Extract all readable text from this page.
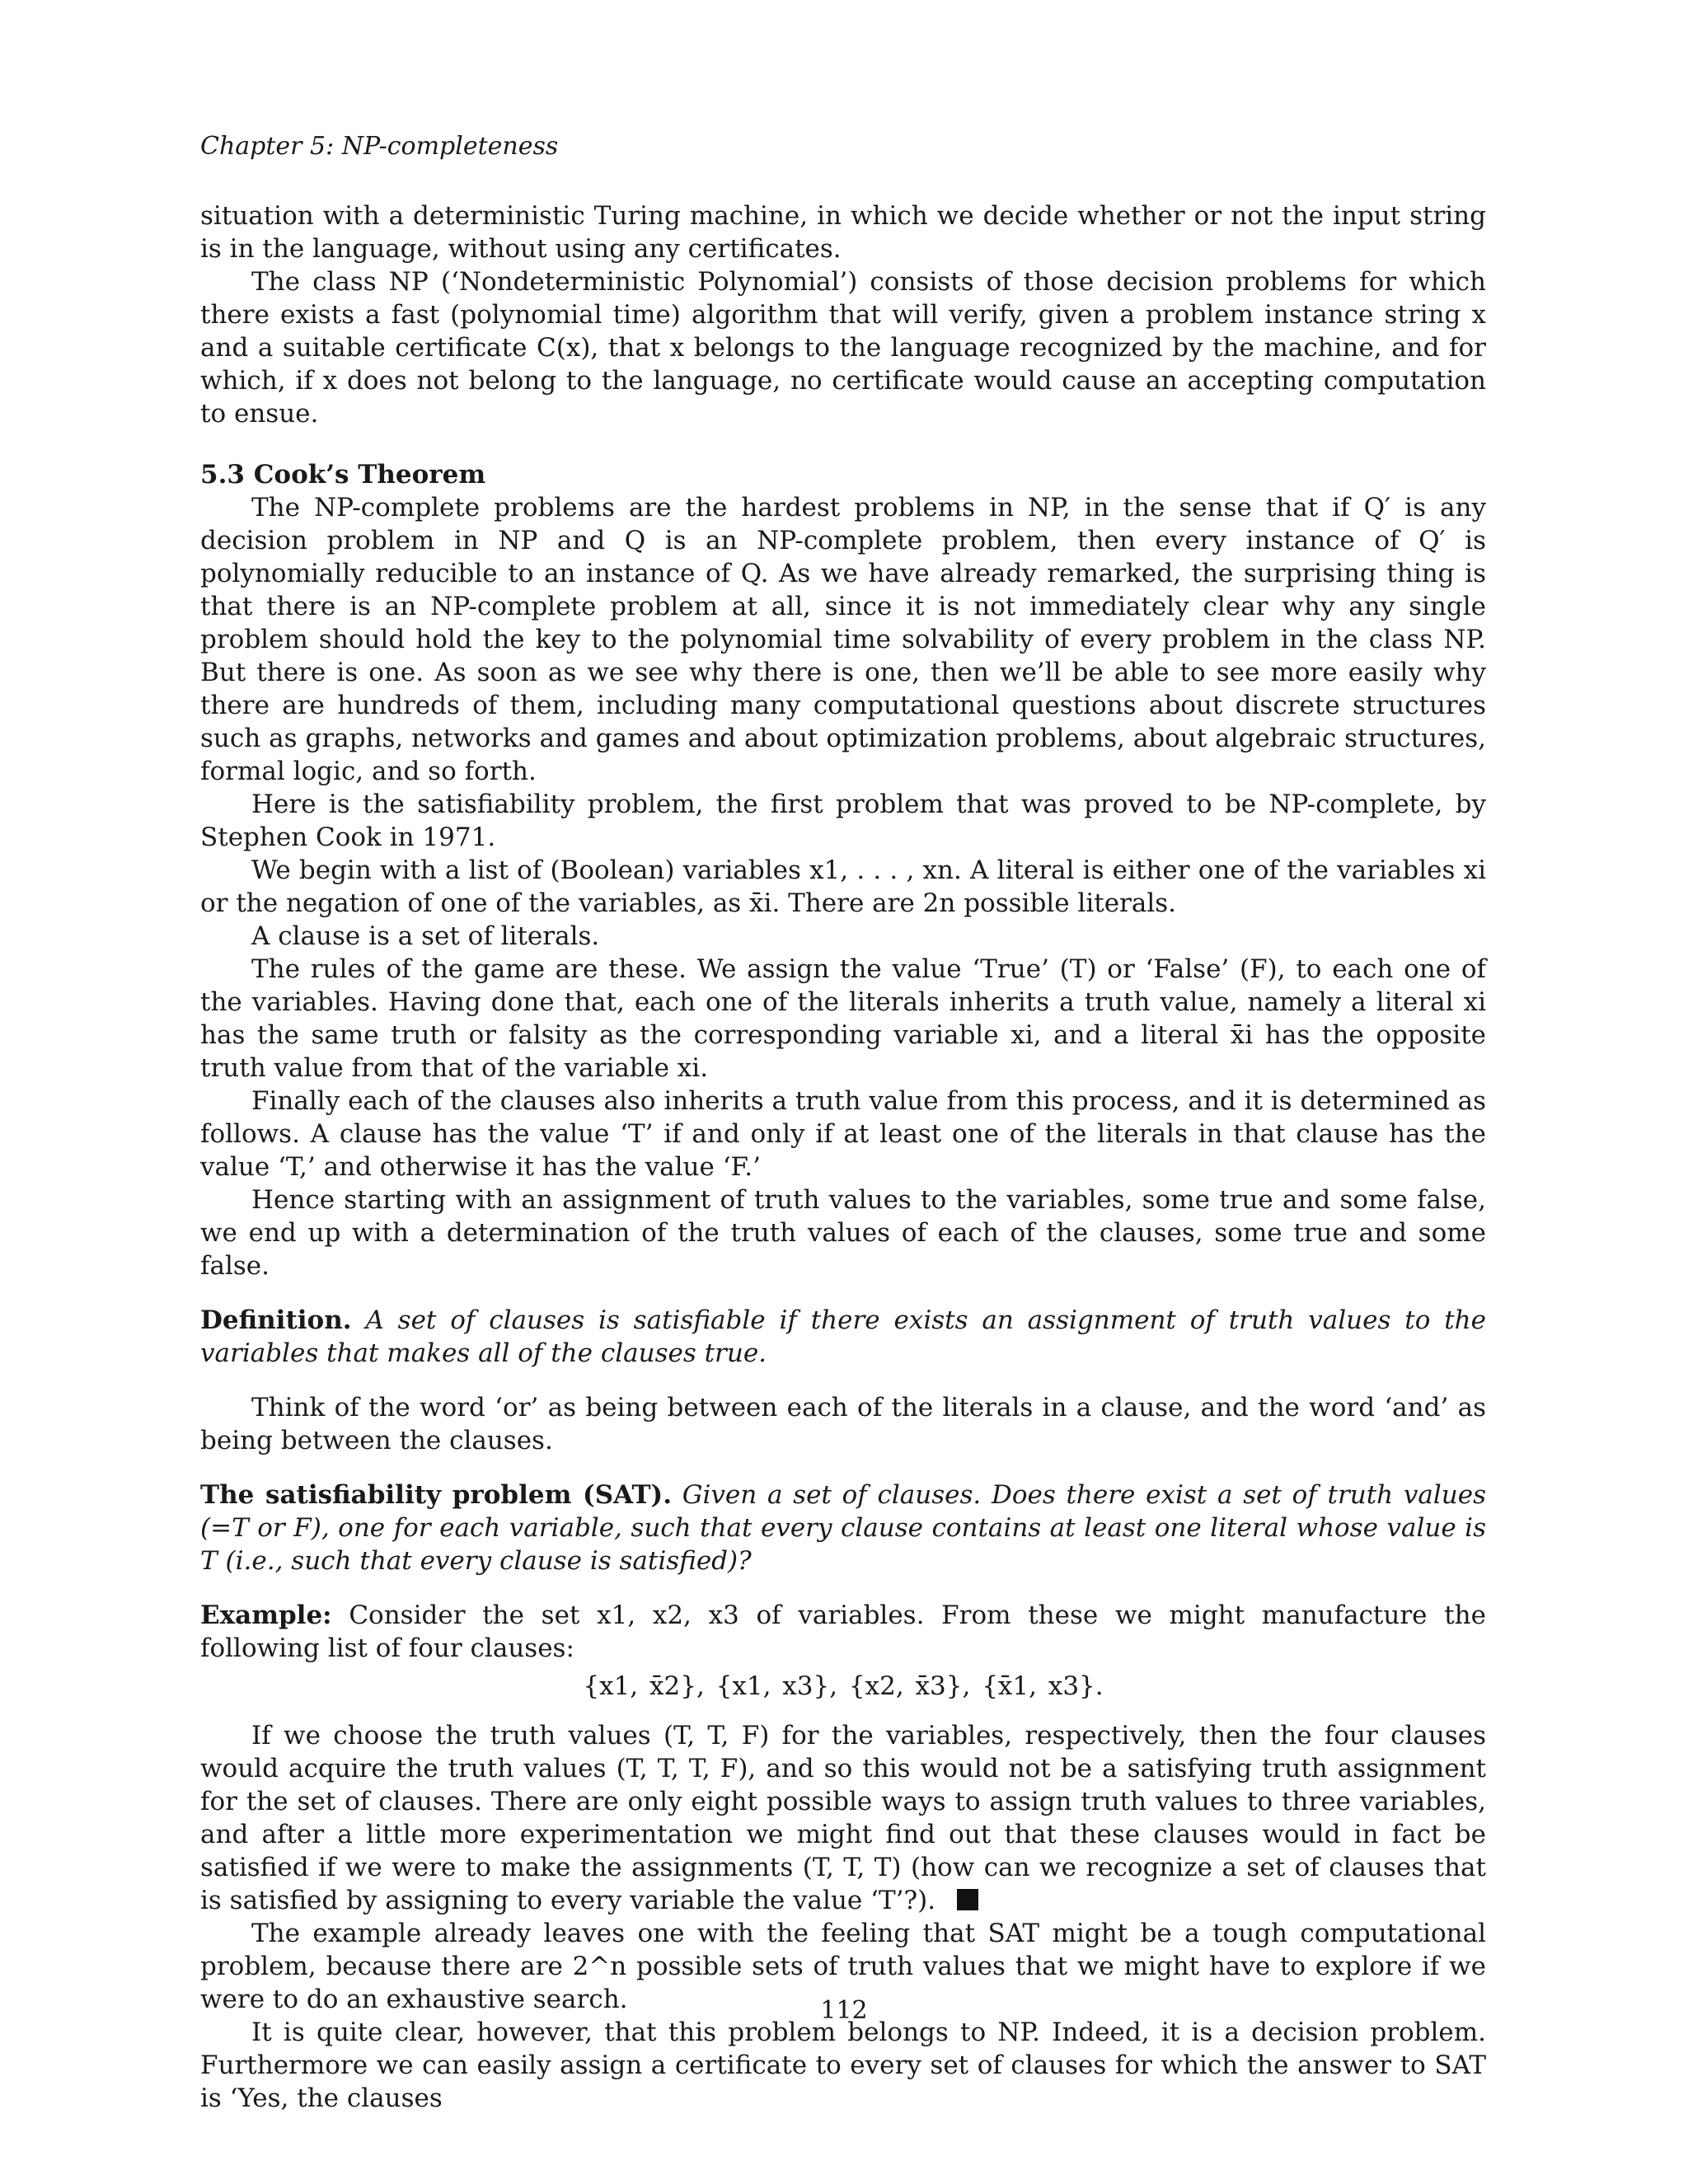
Chapter 5: NP-completeness

situation with a deterministic Turing machine, in which we decide whether or not the input string is in the language, without using any certificates.

The class NP (‘Nondeterministic Polynomial’) consists of those decision problems for which there exists a fast (polynomial time) algorithm that will verify, given a problem instance string x and a suitable certificate C(x), that x belongs to the language recognized by the machine, and for which, if x does not belong to the language, no certificate would cause an accepting computation to ensue.

5.3 Cook’s Theorem

The NP-complete problems are the hardest problems in NP, in the sense that if Q′ is any decision problem in NP and Q is an NP-complete problem, then every instance of Q′ is polynomially reducible to an instance of Q. As we have already remarked, the surprising thing is that there is an NP-complete problem at all, since it is not immediately clear why any single problem should hold the key to the polynomial time solvability of every problem in the class NP. But there is one. As soon as we see why there is one, then we’ll be able to see more easily why there are hundreds of them, including many computational questions about discrete structures such as graphs, networks and games and about optimization problems, about algebraic structures, formal logic, and so forth.

Here is the satisfiability problem, the first problem that was proved to be NP-complete, by Stephen Cook in 1971.

We begin with a list of (Boolean) variables x1, . . . , xn. A literal is either one of the variables xi or the negation of one of the variables, as x̄i. There are 2n possible literals.

A clause is a set of literals.

The rules of the game are these. We assign the value ‘True’ (T) or ‘False’ (F), to each one of the variables. Having done that, each one of the literals inherits a truth value, namely a literal xi has the same truth or falsity as the corresponding variable xi, and a literal x̄i has the opposite truth value from that of the variable xi.

Finally each of the clauses also inherits a truth value from this process, and it is determined as follows. A clause has the value ‘T’ if and only if at least one of the literals in that clause has the value ‘T,’ and otherwise it has the value ‘F.’

Hence starting with an assignment of truth values to the variables, some true and some false, we end up with a determination of the truth values of each of the clauses, some true and some false.

Definition. A set of clauses is satisfiable if there exists an assignment of truth values to the variables that makes all of the clauses true.

Think of the word ‘or’ as being between each of the literals in a clause, and the word ‘and’ as being between the clauses.

The satisfiability problem (SAT). Given a set of clauses. Does there exist a set of truth values (=T or F), one for each variable, such that every clause contains at least one literal whose value is T (i.e., such that every clause is satisfied)?

Example: Consider the set x1, x2, x3 of variables. From these we might manufacture the following list of four clauses:

{x1, x̄2}, {x1, x3}, {x2, x̄3}, {x̄1, x3}.

If we choose the truth values (T, T, F) for the variables, respectively, then the four clauses would acquire the truth values (T, T, T, F), and so this would not be a satisfying truth assignment for the set of clauses. There are only eight possible ways to assign truth values to three variables, and after a little more experimentation we might find out that these clauses would in fact be satisfied if we were to make the assignments (T, T, T) (how can we recognize a set of clauses that is satisfied by assigning to every variable the value ‘T’?).

The example already leaves one with the feeling that SAT might be a tough computational problem, because there are 2^n possible sets of truth values that we might have to explore if we were to do an exhaustive search.

It is quite clear, however, that this problem belongs to NP. Indeed, it is a decision problem. Furthermore we can easily assign a certificate to every set of clauses for which the answer to SAT is ‘Yes, the clauses

112
